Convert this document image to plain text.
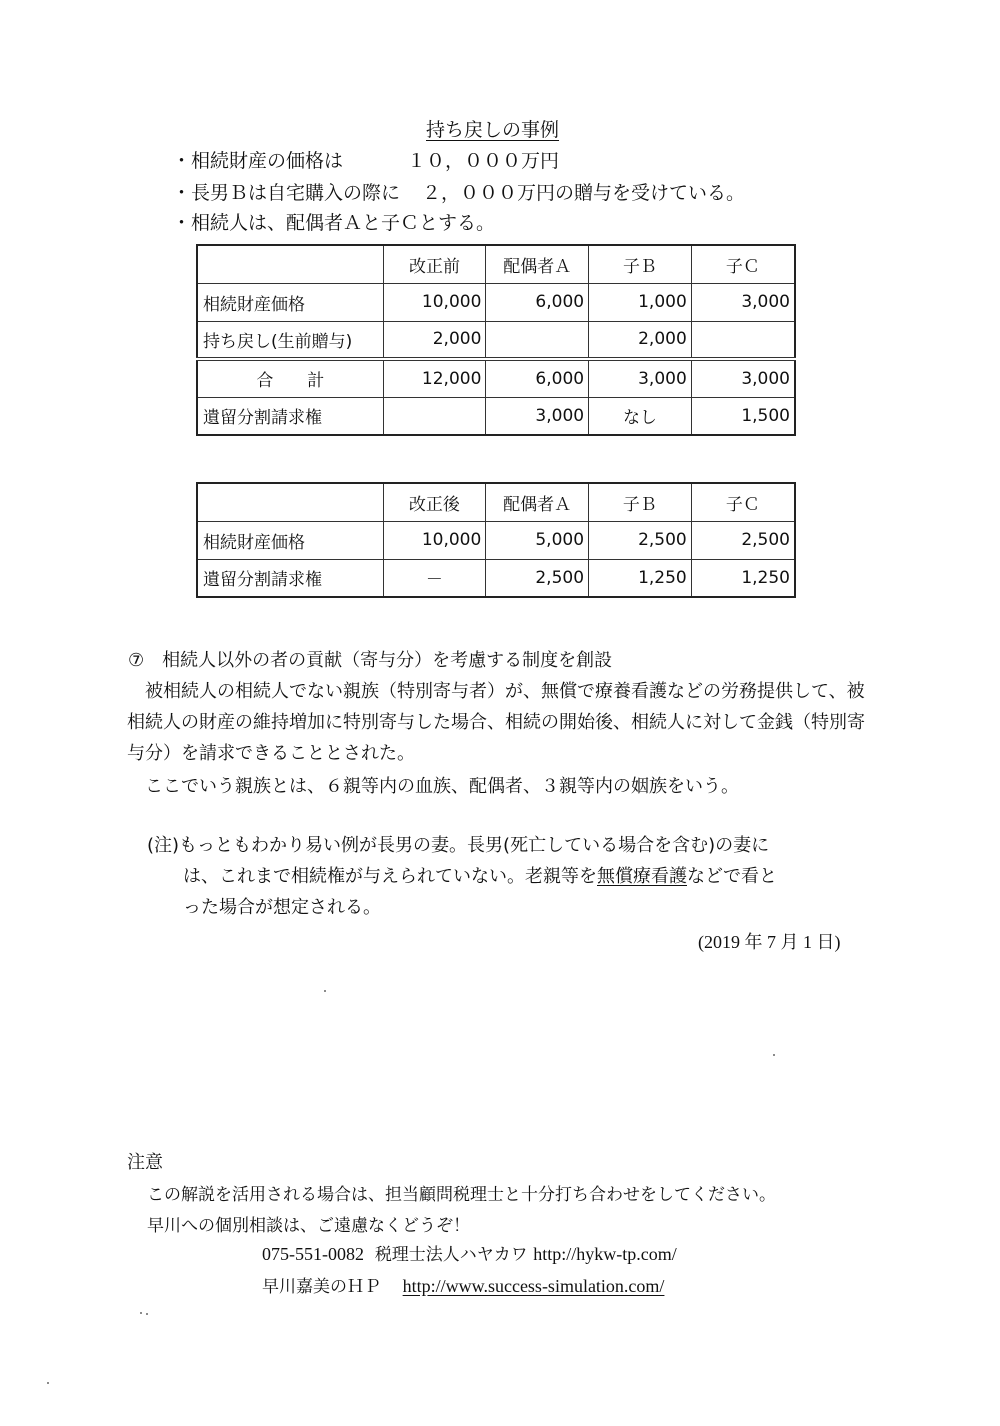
持ち戻しの事例
・相続財産の価格は	１０，０００万円
・長男Ｂは自宅購入の際に ２，０００万円の贈与を受けている。
・相続人は、配偶者Ａと子Ｃとする。
	改正前	配偶者Ａ	子Ｂ	子Ｃ
相続財産価格	10,000	6,000	1,000	3,000
持ち戻し(生前贈与)	2,000		2,000	
合　　計	12,000	6,000	3,000	3,000
遺留分割請求権		3,000	なし	1,500
	改正後	配偶者Ａ	子Ｂ	子Ｃ
相続財産価格	10,000	5,000	2,500	2,500
遺留分割請求権	－	2,500	1,250	1,250
⑦　相続人以外の者の貢献（寄与分）を考慮する制度を創設

被相続人の相続人でない親族（特別寄与者）が、無償で療養看護などの労務提供して、被相続人の財産の維持増加に特別寄与した場合、相続の開始後、相続人に対して金銭（特別寄与分）を請求できることとされた。

ここでいう親族とは、６親等内の血族、配偶者、３親等内の姻族をいう。

(注)もっともわかり易い例が長男の妻。長男(死亡している場合を含む)の妻に
は、これまで相続権が与えられていない。老親等を無償療看護などで看と
った場合が想定される。
(2019 年 7 月 1 日)
注意
この解説を活用される場合は、担当顧問税理士と十分打ち合わせをしてください。
早川への個別相談は、ご遠慮なくどうぞ！
075-551-0082 税理士法人ハヤカワ http://hykw-tp.com/
早川嘉美のＨＰ http://www.success-simulation.com/
